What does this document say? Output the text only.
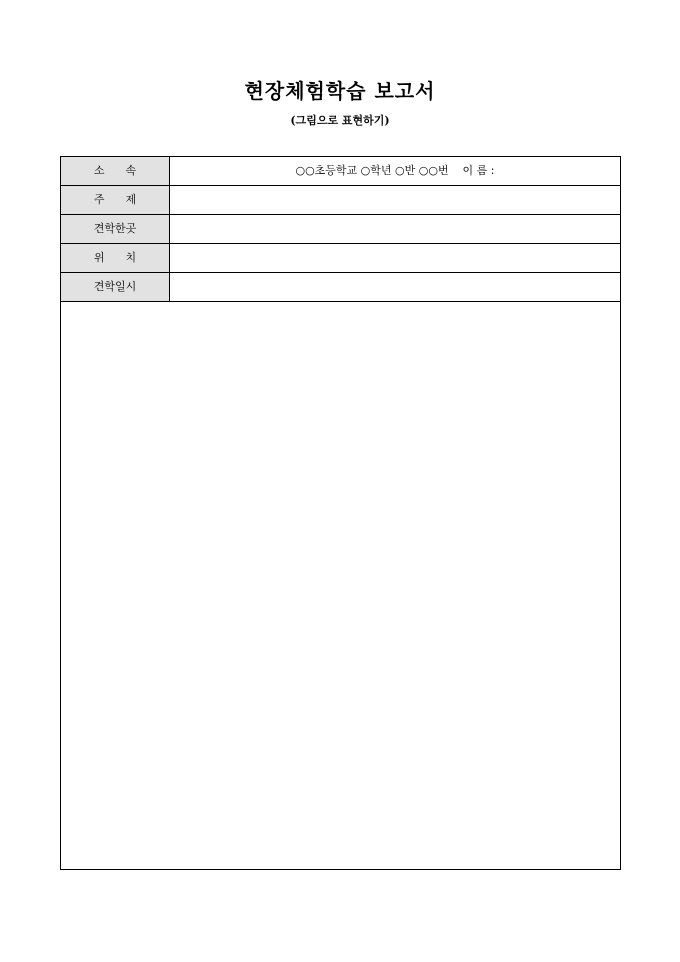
현장체험학습 보고서
(그림으로 표현하기)
소      속	○○초등학교 ○학년 ○반 ○○번    이 름 :
주      제
견학한곳
위      치
견학일시
